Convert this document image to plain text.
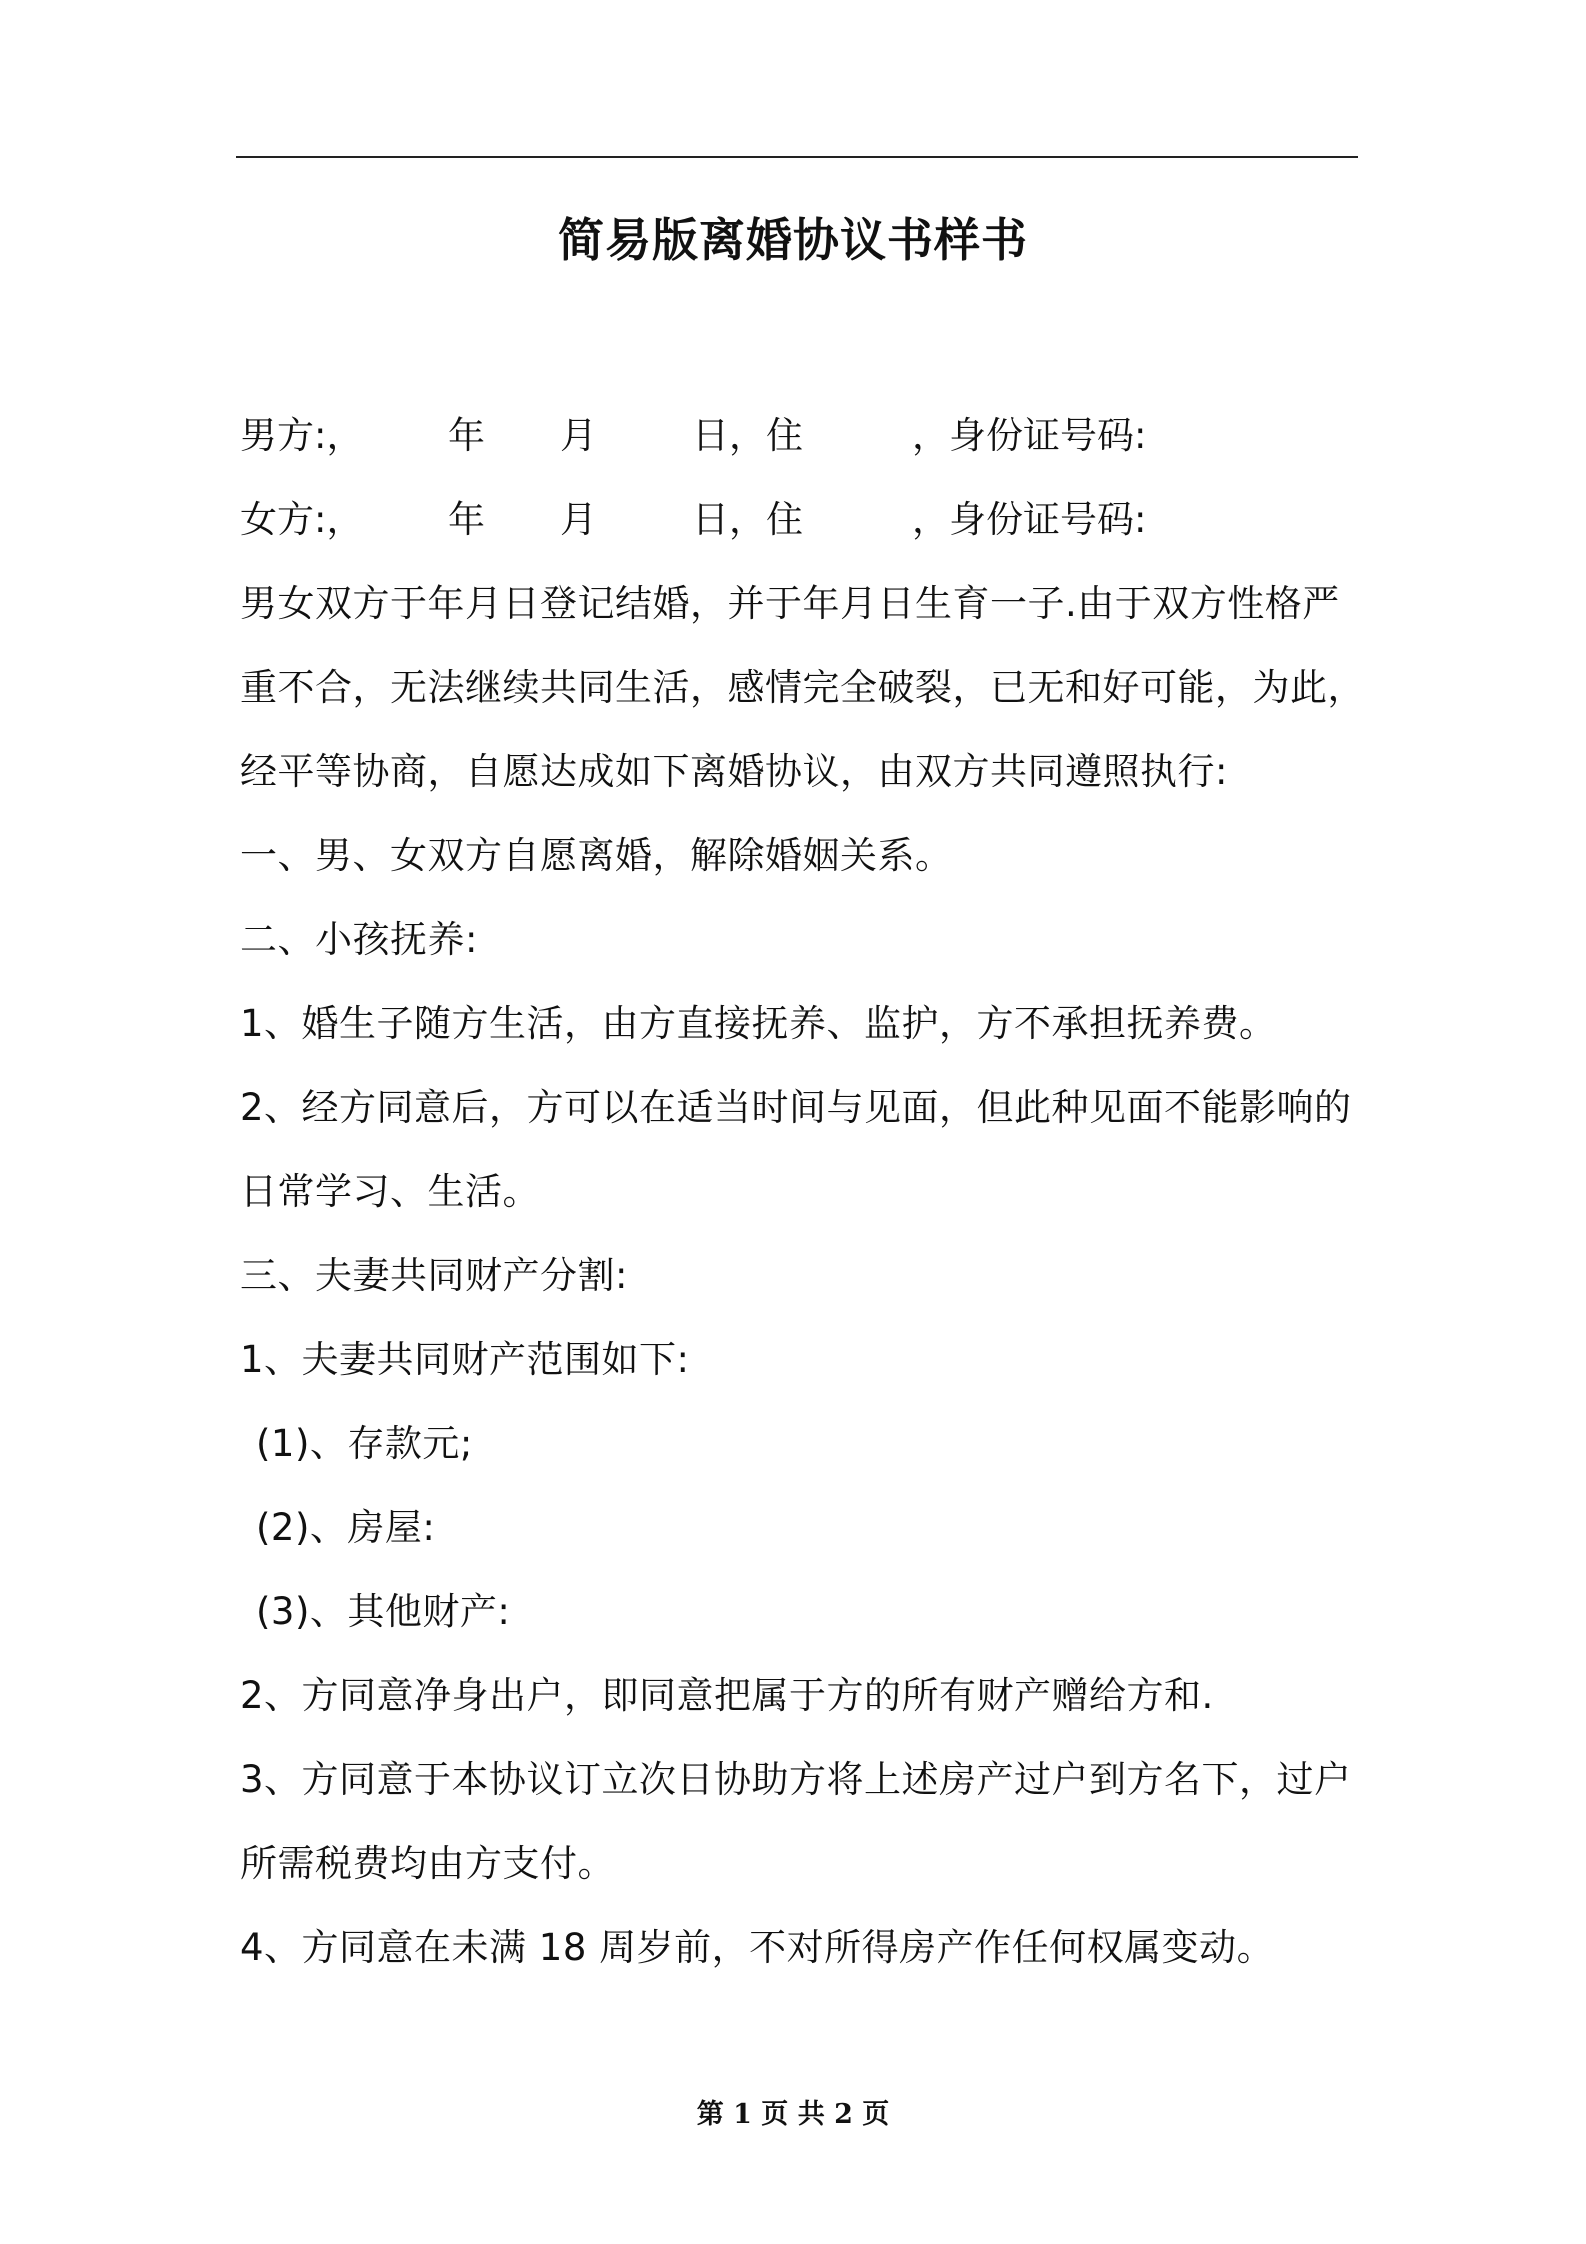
简易版离婚协议书样书
男方:， 年 月	日，住	，身份证号码:
女方:， 年 月	日，住	，身份证号码:
男女双方于年月日登记结婚，并于年月日生育一子.由于双方性格严
重不合，无法继续共同生活，感情完全破裂，已无和好可能，为此，
经平等协商，自愿达成如下离婚协议，由双方共同遵照执行:
一、男、女双方自愿离婚，解除婚姻关系。
二、小孩抚养:
1、婚生子随方生活，由方直接抚养、监护，方不承担抚养费。
2、经方同意后，方可以在适当时间与见面，但此种见面不能影响的
日常学习、生活。
三、夫妻共同财产分割:
1、夫妻共同财产范围如下:
(1)、存款元;
(2)、房屋:
(3)、其他财产:
2、方同意净身出户，即同意把属于方的所有财产赠给方和.
3、方同意于本协议订立次日协助方将上述房产过户到方名下，过户
所需税费均由方支付。
4、方同意在未满 18 周岁前，不对所得房产作任何权属变动。
第 1 页 共 2 页
